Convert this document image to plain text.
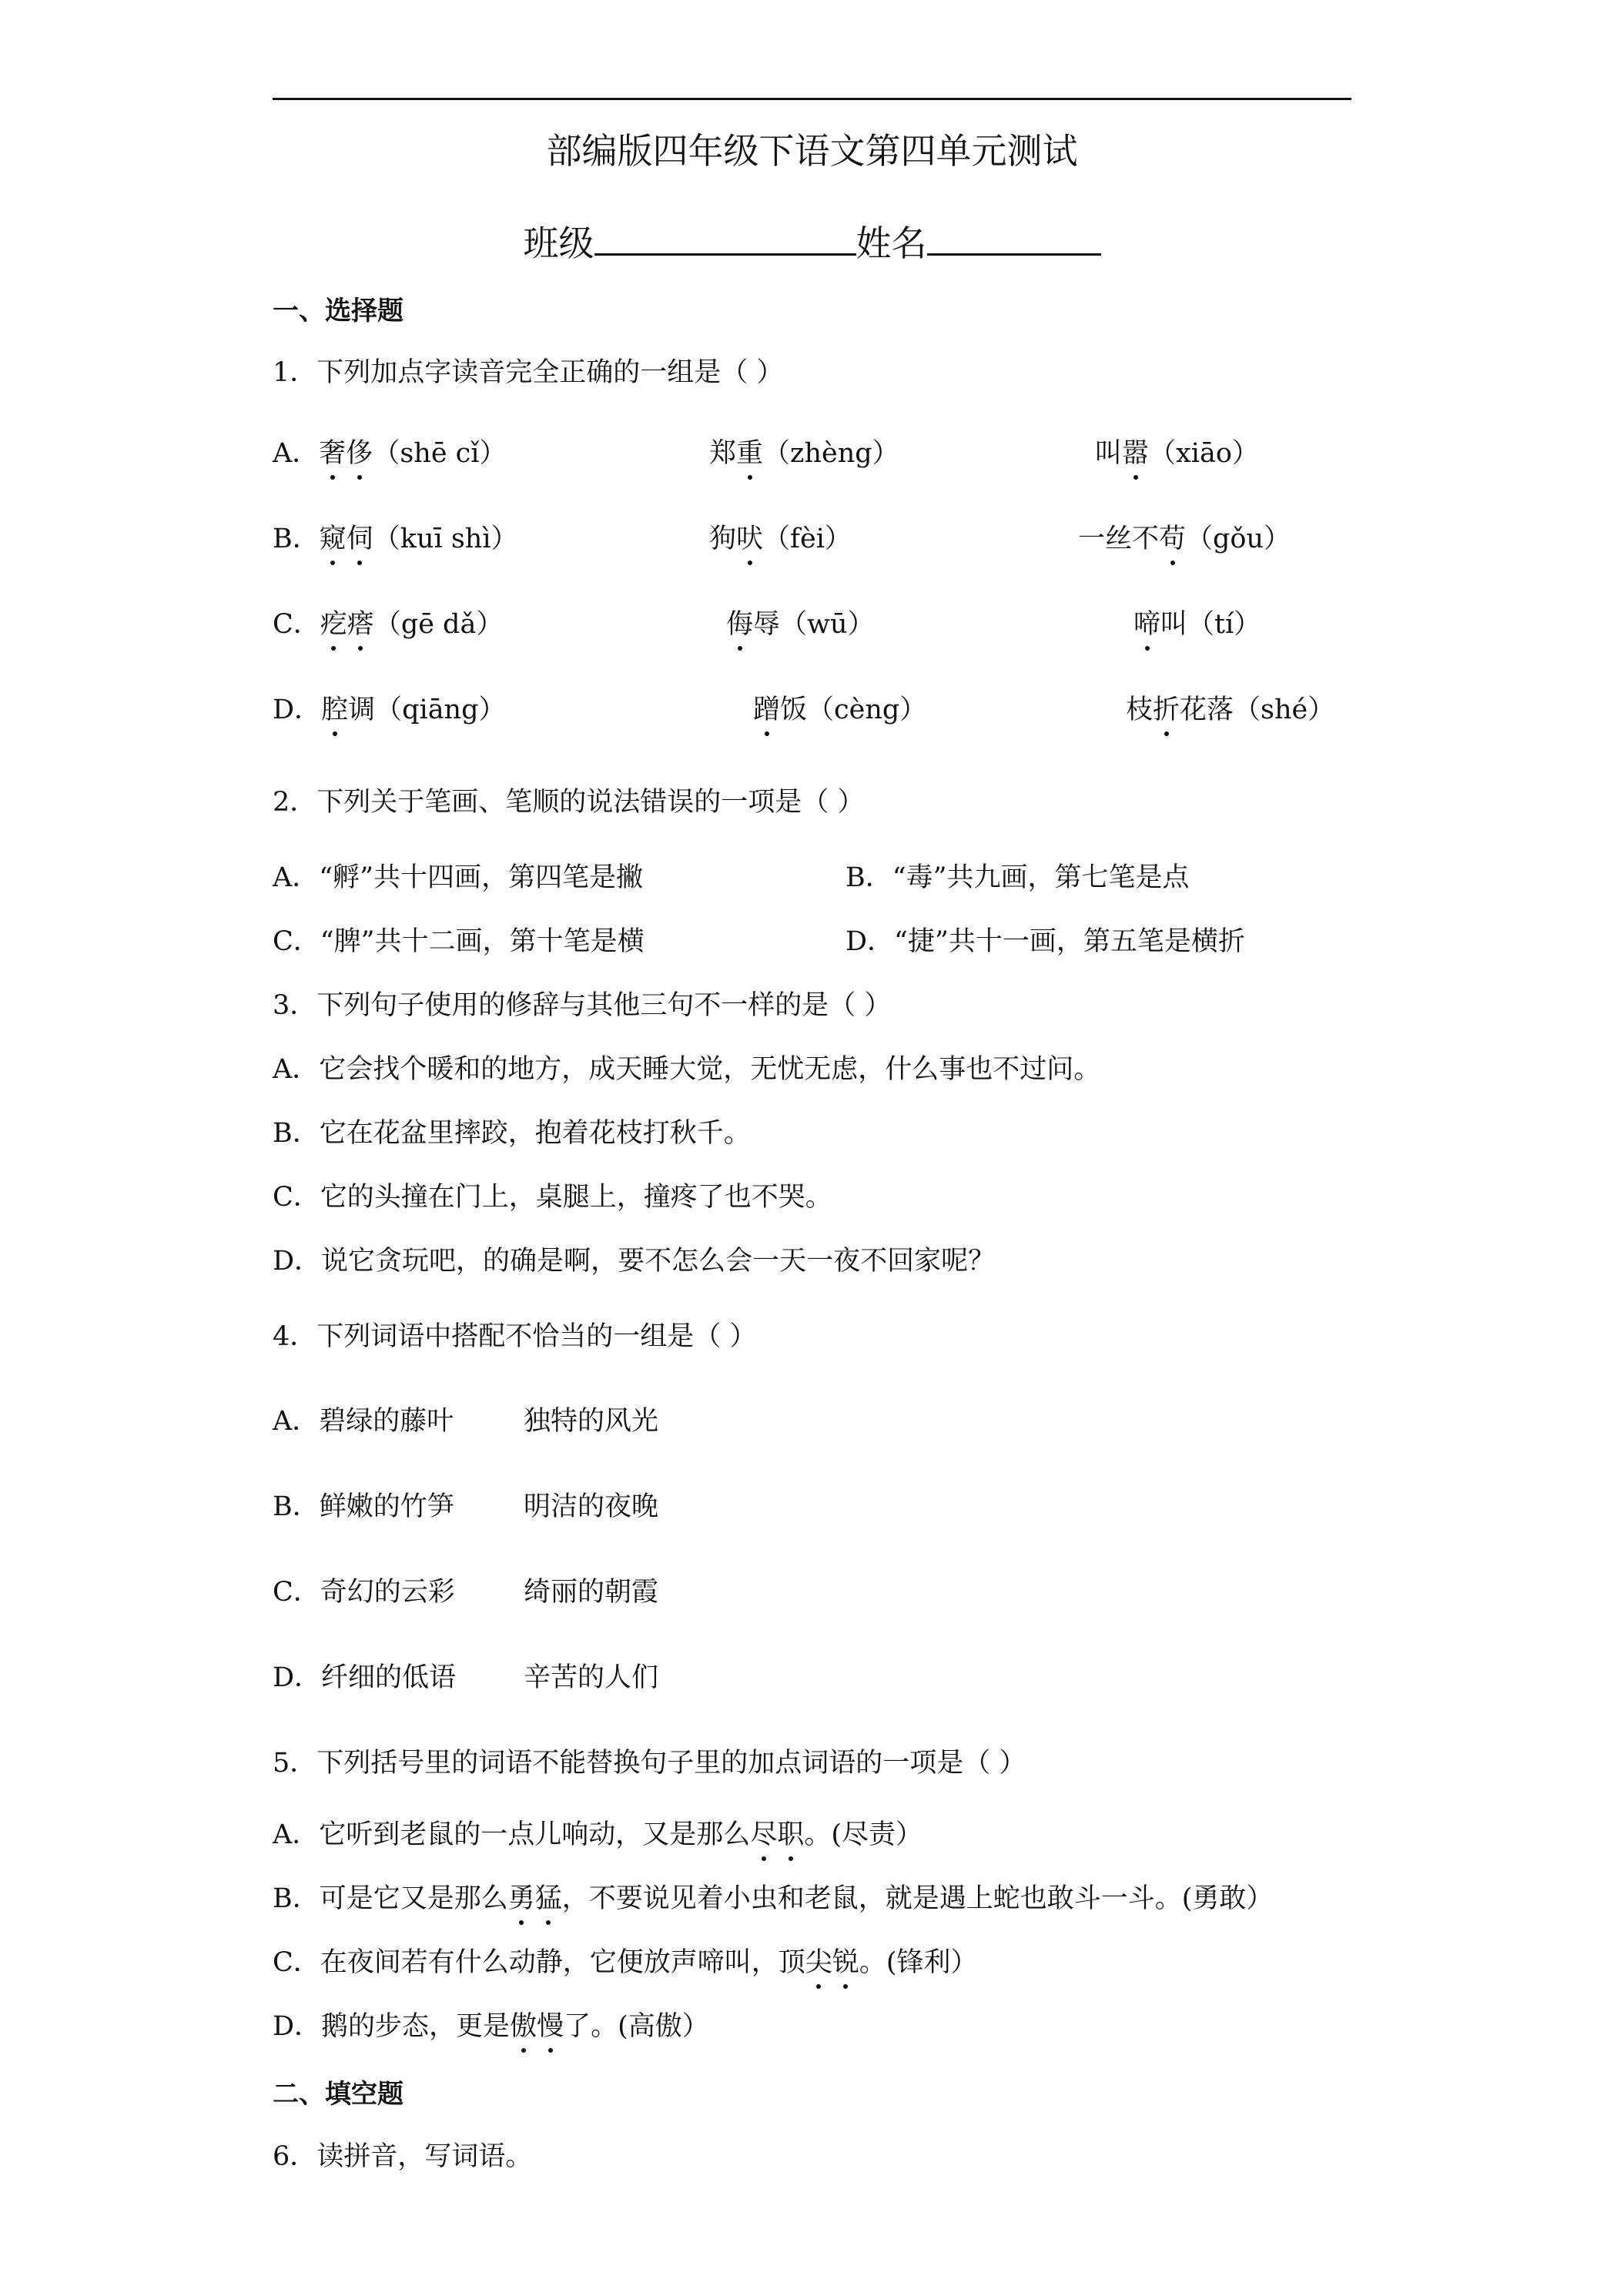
部编版四年级下语文第四单元测试
班级	姓名
一、选择题
1．下列加点字读音完全正确的一组是（ ）
A．奢侈（shē cǐ）	郑重（zhèng）	叫嚣（xiāo）
B．窥伺（kuī shì）	狗吠（fèi）	一丝不苟（gǒu）
C．疙瘩（gē dǎ）	侮辱（wū）	啼叫（tí）
D．腔调（qiāng）	蹭饭（cèng）	枝折花落（shé）
2．下列关于笔画、笔顺的说法错误的一项是（ ）
A．“孵”共十四画，第四笔是撇	B．“毒”共九画，第七笔是点
C．“脾”共十二画，第十笔是横	D．“捷”共十一画，第五笔是横折
3．下列句子使用的修辞与其他三句不一样的是（ ）
A．它会找个暖和的地方，成天睡大觉，无忧无虑，什么事也不过问。
B．它在花盆里摔跤，抱着花枝打秋千。
C．它的头撞在门上，桌腿上，撞疼了也不哭。
D．说它贪玩吧，的确是啊，要不怎么会一天一夜不回家呢？
4．下列词语中搭配不恰当的一组是（ ）
A．碧绿的藤叶	独特的风光
B．鲜嫩的竹笋	明洁的夜晚
C．奇幻的云彩	绮丽的朝霞
D．纤细的低语	辛苦的人们
5．下列括号里的词语不能替换句子里的加点词语的一项是（ ）
A．它听到老鼠的一点儿响动，又是那么尽职。(尽责）
B．可是它又是那么勇猛，不要说见着小虫和老鼠，就是遇上蛇也敢斗一斗。(勇敢）
C．在夜间若有什么动静，它便放声啼叫，顶尖锐。(锋利）
D．鹅的步态，更是傲慢了。(高傲）
二、填空题
6．读拼音，写词语。
